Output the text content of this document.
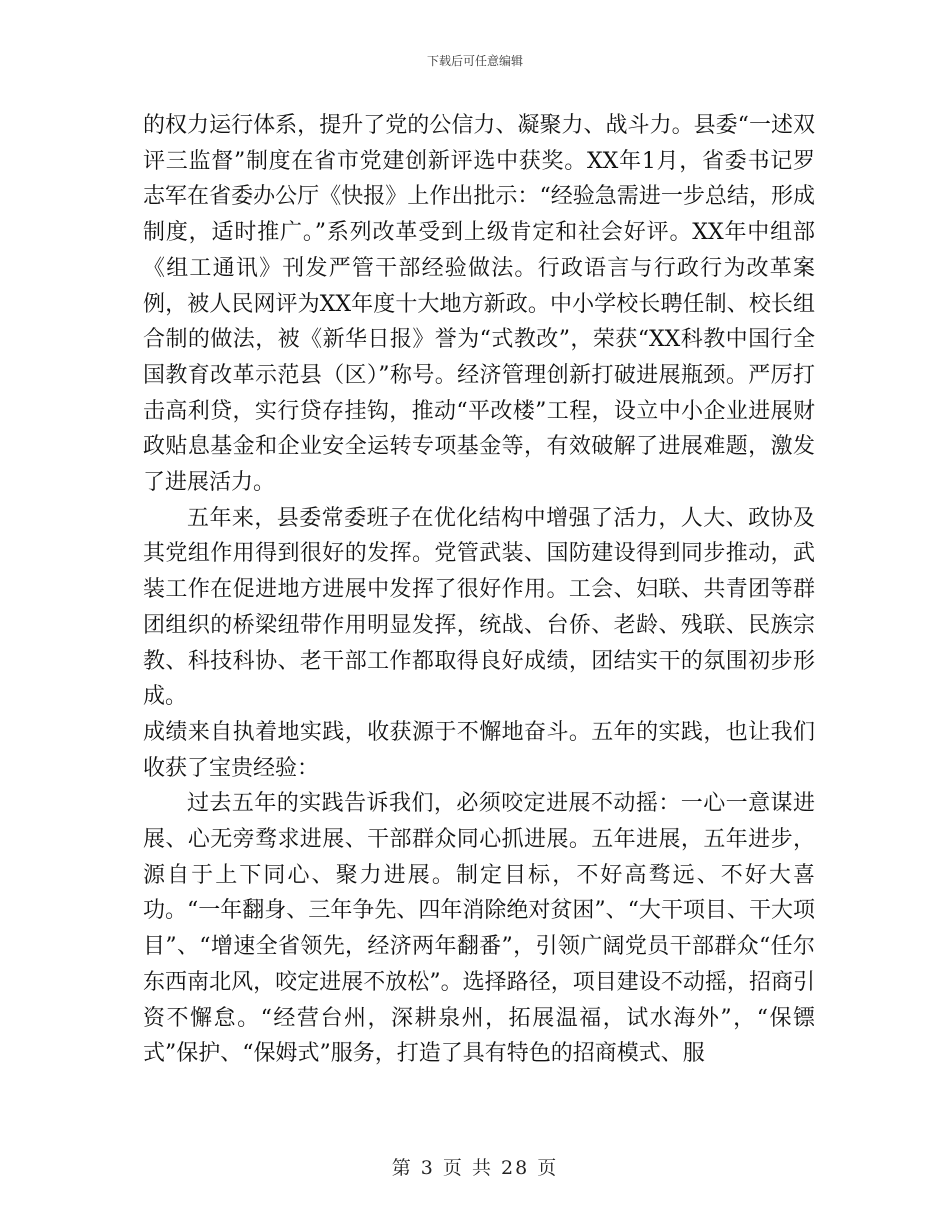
下载后可任意编辑

的权力运行体系，提升了党的公信力、凝聚力、战斗力。县委“一述双评三监督”制度在省市党建创新评选中获奖。XX年1月，省委书记罗志军在省委办公厅《快报》上作出批示：“经验急需进一步总结，形成制度，适时推广。”系列改革受到上级肯定和社会好评。XX年中组部《组工通讯》刊发严管干部经验做法。行政语言与行政行为改革案例，被人民网评为XX年度十大地方新政。中小学校长聘任制、校长组合制的做法，被《新华日报》誉为“式教改”，荣获“XX科教中国行全国教育改革示范县（区）”称号。经济管理创新打破进展瓶颈。严厉打击高利贷，实行贷存挂钩，推动“平改楼”工程，设立中小企业进展财政贴息基金和企业安全运转专项基金等，有效破解了进展难题，激发了进展活力。

五年来，县委常委班子在优化结构中增强了活力，人大、政协及其党组作用得到很好的发挥。党管武装、国防建设得到同步推动，武装工作在促进地方进展中发挥了很好作用。工会、妇联、共青团等群团组织的桥梁纽带作用明显发挥，统战、台侨、老龄、残联、民族宗教、科技科协、老干部工作都取得良好成绩，团结实干的氛围初步形成。

成绩来自执着地实践，收获源于不懈地奋斗。五年的实践，也让我们收获了宝贵经验：

过去五年的实践告诉我们，必须咬定进展不动摇：一心一意谋进展、心无旁骛求进展、干部群众同心抓进展。五年进展，五年进步，源自于上下同心、聚力进展。制定目标，不好高骛远、不好大喜功。“一年翻身、三年争先、四年消除绝对贫困”、“大干项目、干大项目”、“增速全省领先，经济两年翻番”，引领广阔党员干部群众“任尔东西南北风，咬定进展不放松”。选择路径，项目建设不动摇，招商引资不懈怠。“经营台州，深耕泉州，拓展温福，试水海外”，“保镖式”保护、“保姆式”服务，打造了具有特色的招商模式、服

第 3 页 共 28 页
